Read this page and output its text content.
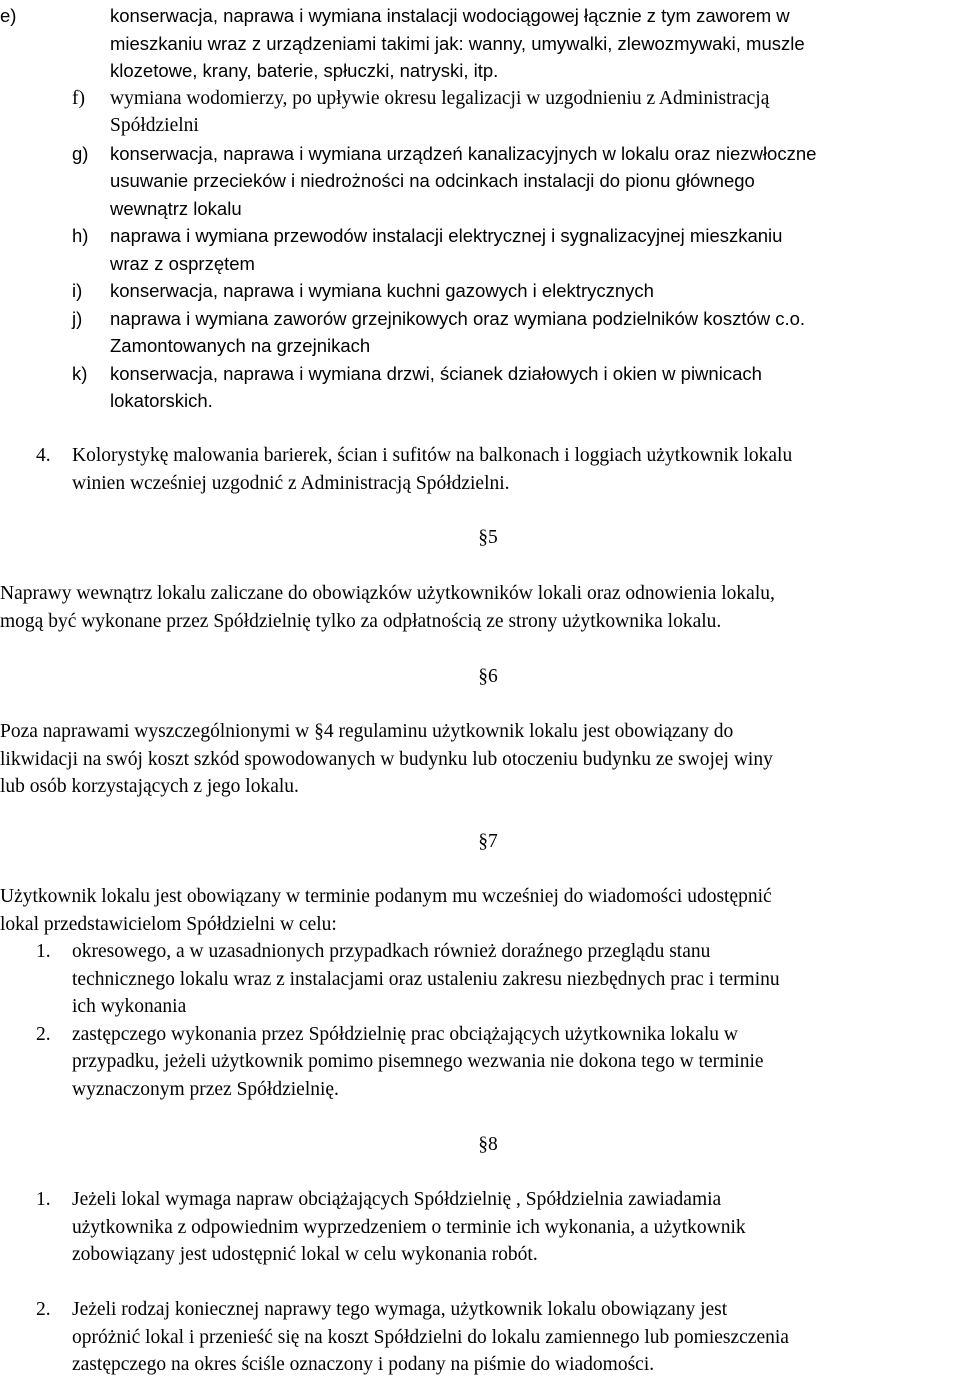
e)	konserwacja, naprawa i wymiana instalacji wodociągowej łącznie z tym zaworem w
mieszkaniu wraz z urządzeniami takimi jak: wanny, umywalki, zlewozmywaki, muszle
klozetowe, krany, baterie, spłuczki, natryski, itp.
f)	wymiana wodomierzy, po upływie okresu legalizacji w uzgodnieniu z Administracją
Spółdzielni
g)	konserwacja, naprawa i wymiana urządzeń kanalizacyjnych w lokalu oraz niezwłoczne
usuwanie przecieków i niedrożności na odcinkach instalacji do pionu głównego
wewnątrz lokalu
h)	naprawa i wymiana przewodów instalacji elektrycznej i sygnalizacyjnej mieszkaniu
wraz z osprzętem
i)	konserwacja, naprawa i wymiana kuchni gazowych i elektrycznych
j)	naprawa i wymiana zaworów grzejnikowych oraz wymiana podzielników kosztów c.o.
Zamontowanych na grzejnikach
k)	konserwacja, naprawa i wymiana drzwi, ścianek działowych i okien w piwnicach
lokatorskich.
4.	Kolorystykę malowania barierek, ścian i sufitów na balkonach i loggiach użytkownik lokalu
winien wcześniej uzgodnić z Administracją Spółdzielni.
§5
Naprawy wewnątrz lokalu zaliczane do obowiązków użytkowników lokali oraz odnowienia lokalu,
mogą być wykonane przez Spółdzielnię tylko za odpłatnością ze strony użytkownika lokalu.
§6
Poza naprawami wyszczególnionymi w §4 regulaminu użytkownik lokalu jest obowiązany do
likwidacji na swój koszt szkód spowodowanych w budynku lub otoczeniu budynku ze swojej winy
lub osób korzystających z jego lokalu.
§7
Użytkownik lokalu jest obowiązany w terminie podanym mu wcześniej do wiadomości udostępnić
lokal przedstawicielom Spółdzielni w celu:
1.	okresowego, a w uzasadnionych przypadkach również doraźnego przeglądu stanu
technicznego lokalu wraz z instalacjami oraz ustaleniu zakresu niezbędnych prac i terminu
ich wykonania
2.	zastępczego wykonania przez Spółdzielnię prac obciążających użytkownika lokalu w
przypadku, jeżeli użytkownik pomimo pisemnego wezwania nie dokona tego w terminie
wyznaczonym przez Spółdzielnię.
§8
1.	Jeżeli lokal wymaga napraw obciążających Spółdzielnię , Spółdzielnia zawiadamia
użytkownika z odpowiednim wyprzedzeniem o terminie ich wykonania, a użytkownik
zobowiązany jest udostępnić lokal w celu wykonania robót.
2.	Jeżeli rodzaj koniecznej naprawy tego wymaga, użytkownik lokalu obowiązany jest
opróżnić lokal i przenieść się na koszt Spółdzielni do lokalu zamiennego lub pomieszczenia
zastępczego na okres ściśle oznaczony i podany na piśmie do wiadomości.
